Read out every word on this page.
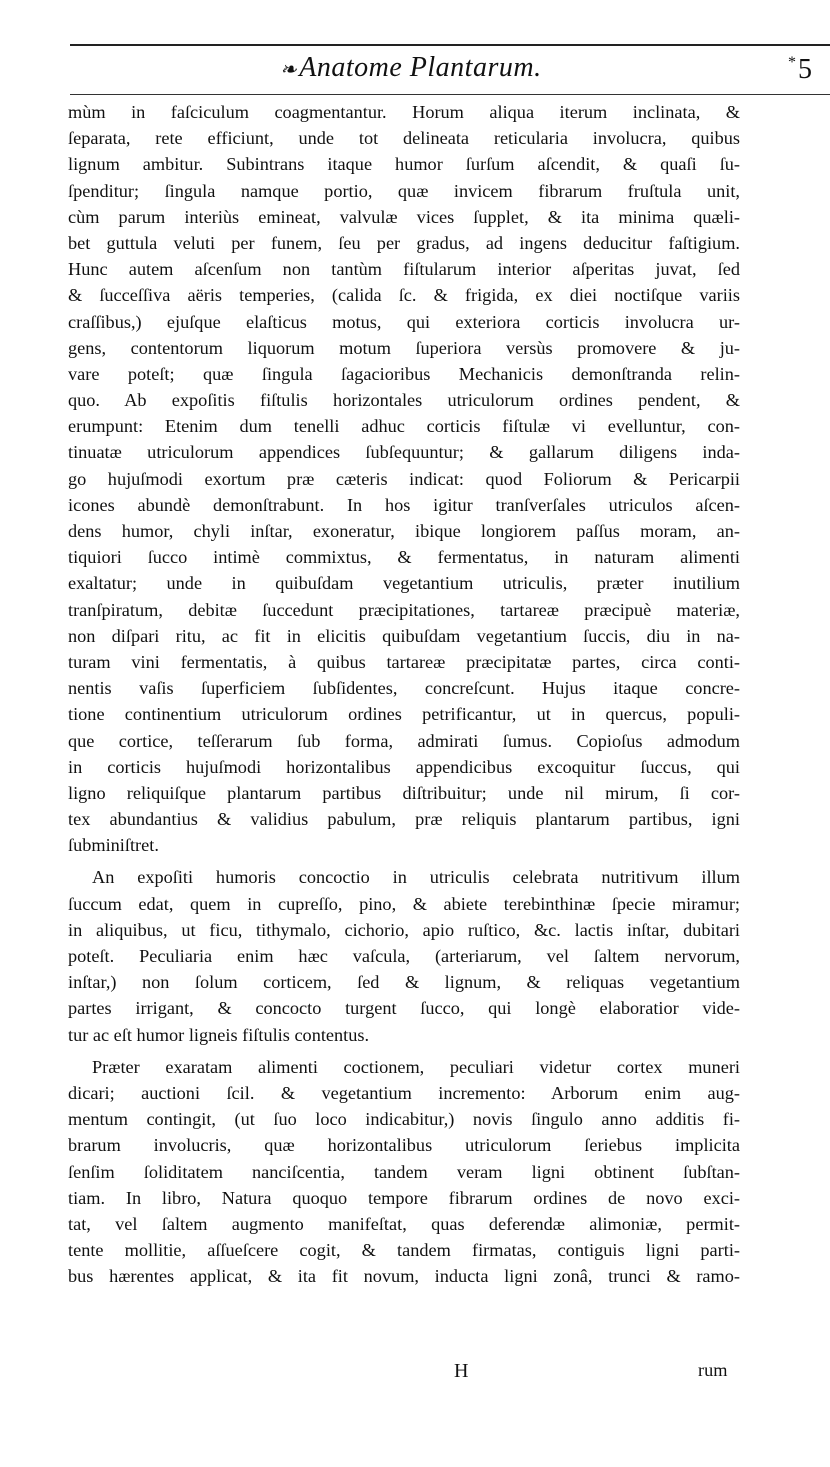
❧Anatome Plantarum.	*5
mùm in faſciculum coagmentantur. Horum aliqua iterum inclinata, &
ſeparata, rete efficiunt, unde tot delineata reticularia involucra, quibus
lignum ambitur. Subintrans itaque humor ſurſum aſcendit, & quaſi ſu-
ſpenditur; ſingula namque portio, quæ invicem fibrarum fruſtula unit,
cùm parum interiùs emineat, valvulæ vices ſupplet, & ita minima quæli-
bet guttula veluti per funem, ſeu per gradus, ad ingens deducitur faſtigium.
Hunc autem aſcenſum non tantùm fiſtularum interior aſperitas juvat, ſed
& ſucceſſiva aëris temperies, (calida ſc. & frigida, ex diei noctiſque variis
craſſibus,) ejuſque elaſticus motus, qui exteriora corticis involucra ur-
gens, contentorum liquorum motum ſuperiora versùs promovere & ju-
vare poteſt; quæ ſingula ſagacioribus Mechanicis demonſtranda relin-
quo. Ab expoſitis fiſtulis horizontales utriculorum ordines pendent, &
erumpunt: Etenim dum tenelli adhuc corticis fiſtulæ vi evelluntur, con-
tinuatæ utriculorum appendices ſubſequuntur; & gallarum diligens inda-
go hujuſmodi exortum præ cæteris indicat: quod Foliorum & Pericarpii
icones abundè demonſtrabunt. In hos igitur tranſverſales utriculos aſcen-
dens humor, chyli inſtar, exoneratur, ibique longiorem paſſus moram, an-
tiquiori ſucco intimè commixtus, & fermentatus, in naturam alimenti
exaltatur; unde in quibuſdam vegetantium utriculis, præter inutilium
tranſpiratum, debitæ ſuccedunt præcipitationes, tartareæ præcipuè materiæ,
non diſpari ritu, ac fit in elicitis quibuſdam vegetantium ſuccis, diu in na-
turam vini fermentatis, à quibus tartareæ præcipitatæ partes, circa conti-
nentis vaſis ſuperficiem ſubſidentes, concreſcunt. Hujus itaque concre-
tione continentium utriculorum ordines petrificantur, ut in quercus, populi-
que cortice, teſſerarum ſub forma, admirati ſumus. Copioſus admodum
in corticis hujuſmodi horizontalibus appendicibus excoquitur ſuccus, qui
ligno reliquiſque plantarum partibus diſtribuitur; unde nil mirum, ſi cor-
tex abundantius & validius pabulum, præ reliquis plantarum partibus, igni
ſubminiſtret.
An expoſiti humoris concoctio in utriculis celebrata nutritivum illum
ſuccum edat, quem in cupreſſo, pino, & abiete terebinthinæ ſpecie miramur;
in aliquibus, ut ficu, tithymalo, cichorio, apio ruſtico, &c. lactis inſtar, dubitari
poteſt. Peculiaria enim hæc vaſcula, (arteriarum, vel ſaltem nervorum,
inſtar,) non ſolum corticem, ſed & lignum, & reliquas vegetantium
partes irrigant, & concocto turgent ſucco, qui longè elaboratior vide-
tur ac eſt humor ligneis fiſtulis contentus.
Præter exaratam alimenti coctionem, peculiari videtur cortex muneri
dicari; auctioni ſcil. & vegetantium incremento: Arborum enim aug-
mentum contingit, (ut ſuo loco indicabitur,) novis ſingulo anno additis fi-
brarum involucris, quæ horizontalibus utriculorum ſeriebus implicita
ſenſim ſoliditatem nanciſcentia, tandem veram ligni obtinent ſubſtan-
tiam. In libro, Natura quoquo tempore fibrarum ordines de novo exci-
tat, vel ſaltem augmento manifeſtat, quas deferendæ alimoniæ, permit-
tente mollitie, aſſueſcere cogit, & tandem firmatas, contiguis ligni parti-
bus hærentes applicat, & ita fit novum, inducta ligni zonâ, trunci & ramo-
H	rum
